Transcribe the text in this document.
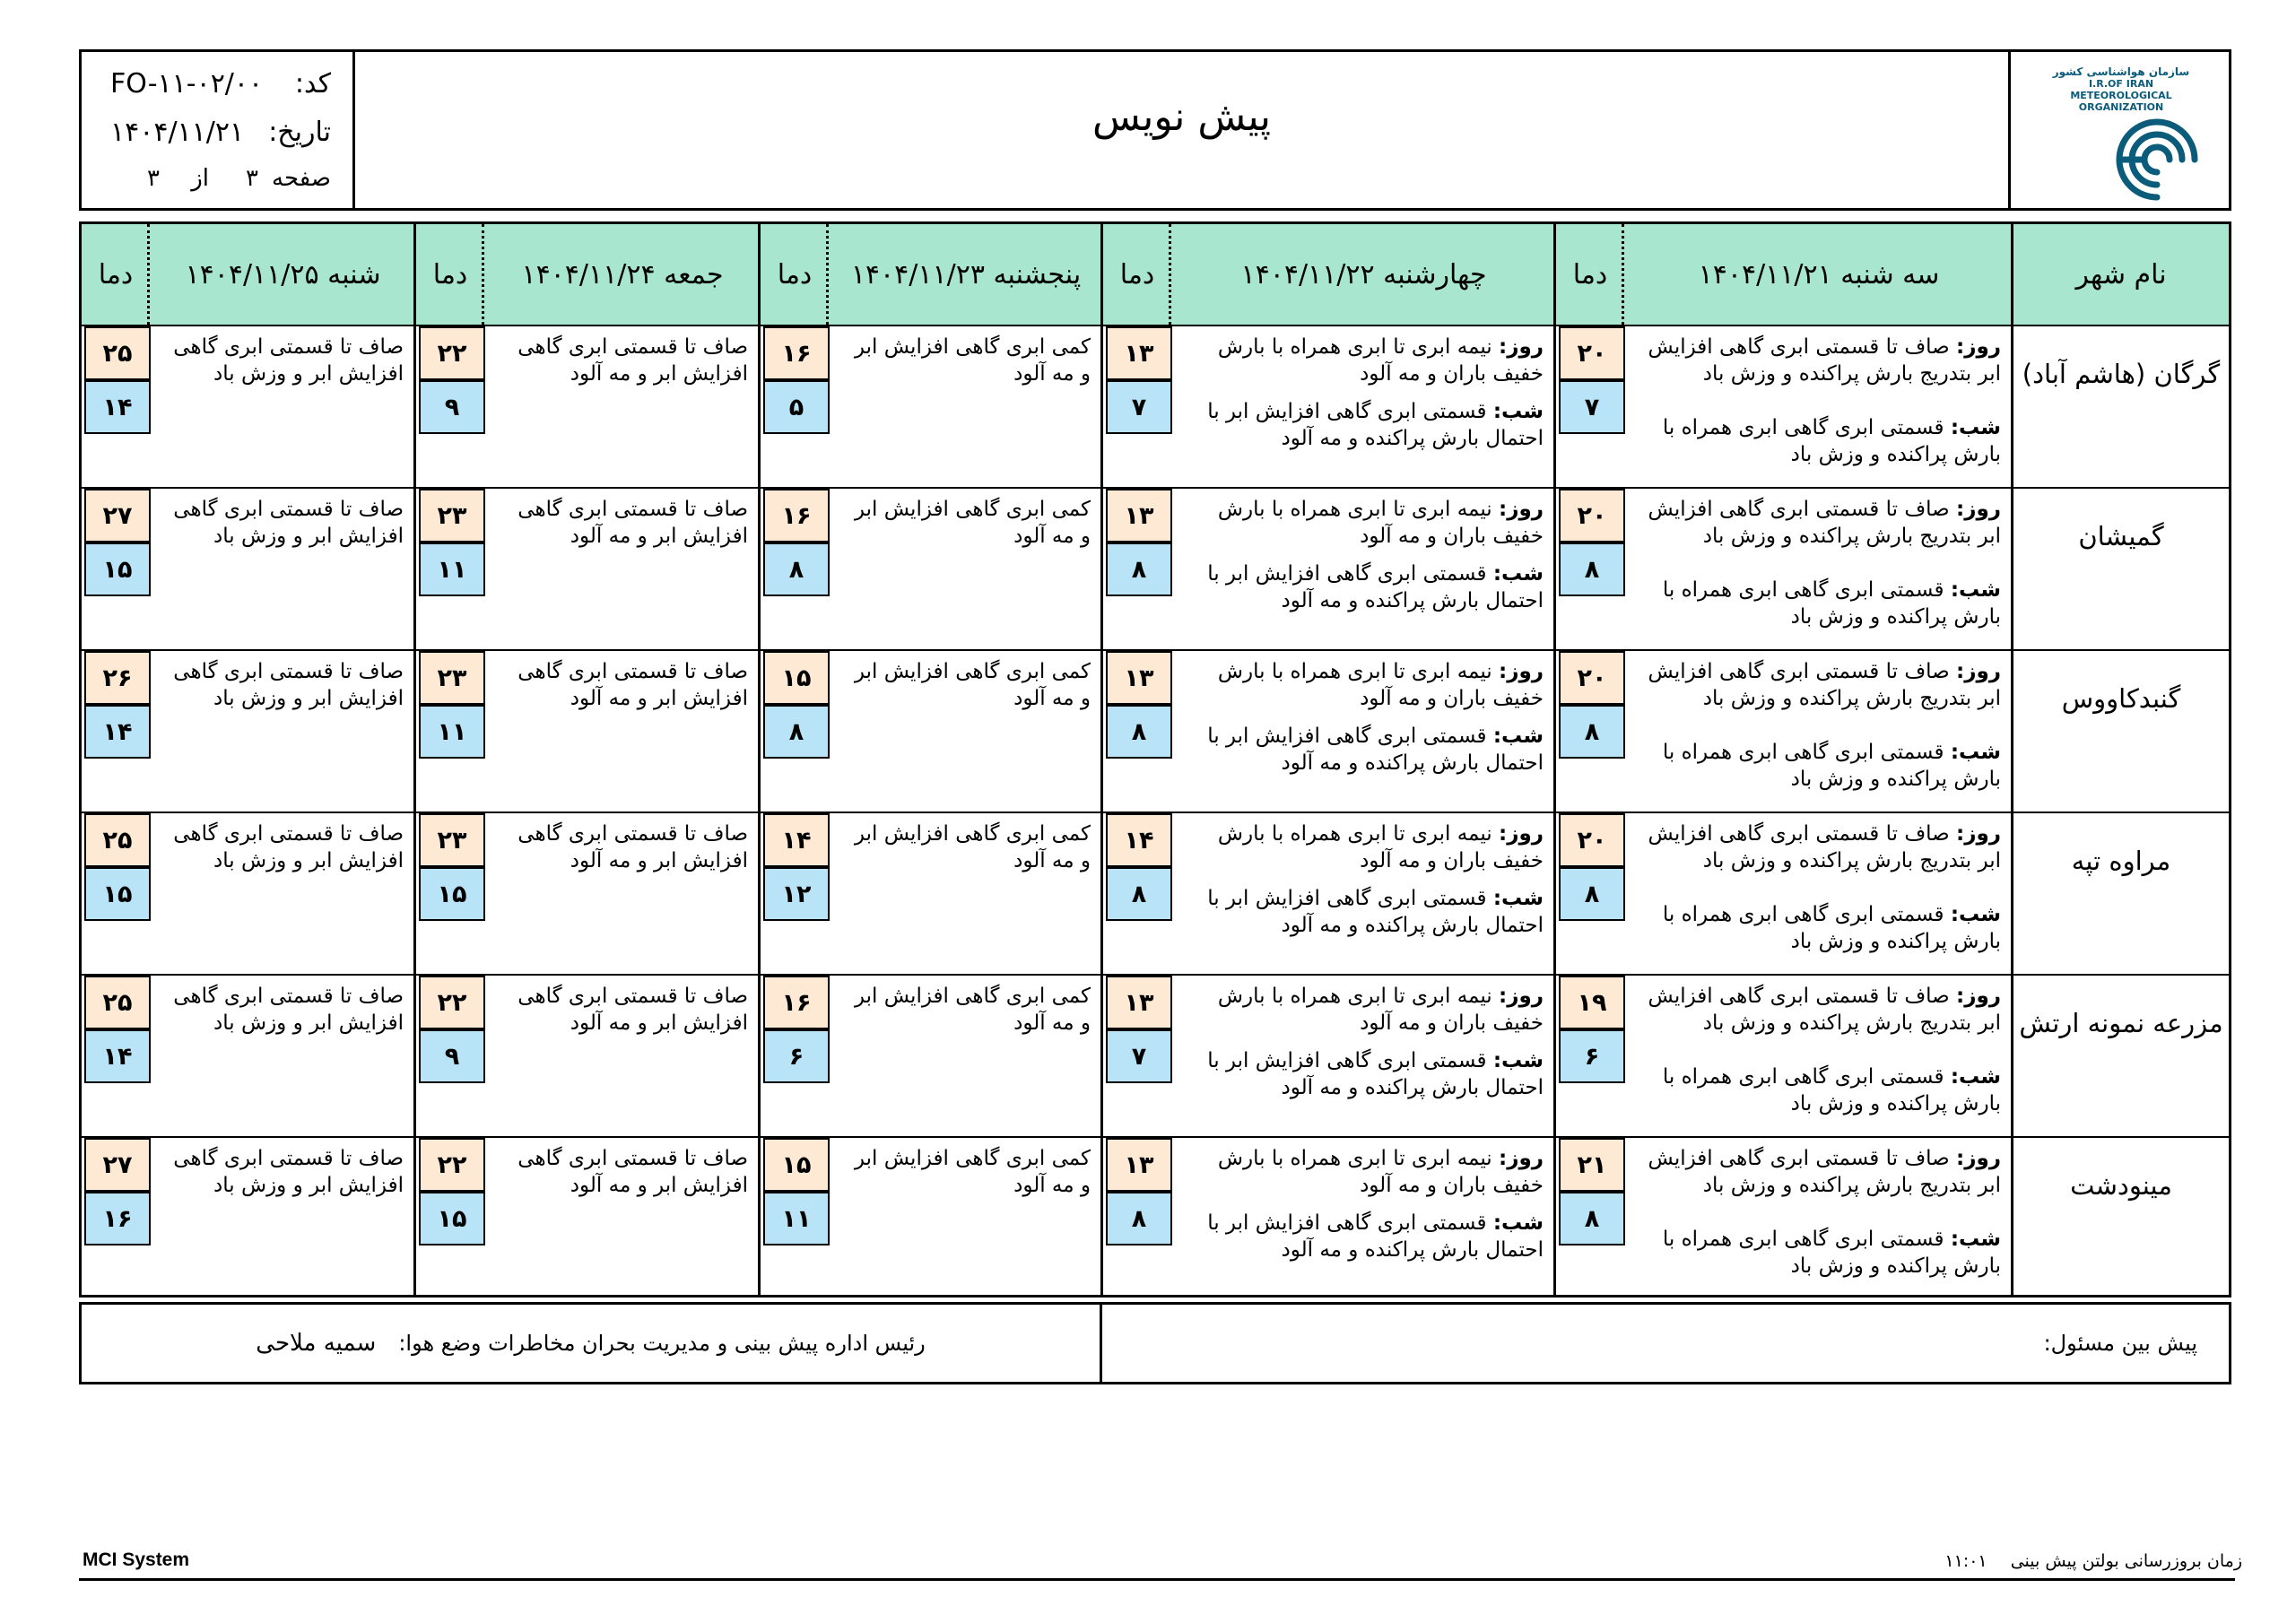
سازمان هواشناسی کشور
I.R.OF IRAN
METEOROLOGICAL
ORGANIZATION
پیش نویس
کد:
FO-۱۱-۰۲/۰۰
تاریخ:
۱۴۰۴/۱۱/۲۱
صفحه
۳
از
۳
نام شهر
سه شنبه ۱۴۰۴/۱۱/۲۱
دما
چهارشنبه ۱۴۰۴/۱۱/۲۲
دما
پنجشنبه ۱۴۰۴/۱۱/۲۳
دما
جمعه ۱۴۰۴/۱۱/۲۴
دما
شنبه ۱۴۰۴/۱۱/۲۵
دما
گرگان (هاشم آباد)
روز: صاف تا قسمتی ابری گاهی افزایش ابر بتدریج بارش پراکنده و وزش باد
شب: قسمتی ابری گاهی ابری همراه با بارش پراکنده و وزش باد
۲۰
۷
روز: نیمه ابری تا ابری همراه با بارش خفیف باران و مه آلود
شب: قسمتی ابری گاهی افزایش ابر با احتمال بارش پراکنده و مه آلود
۱۳
۷
کمی ابری گاهی افزایش ابر و مه آلود
۱۶
۵
صاف تا قسمتی ابری گاهی افزایش ابر و مه آلود
۲۲
۹
صاف تا قسمتی ابری گاهی افزایش ابر و وزش باد
۲۵
۱۴
گمیشان
روز: صاف تا قسمتی ابری گاهی افزایش ابر بتدریج بارش پراکنده و وزش باد
شب: قسمتی ابری گاهی ابری همراه با بارش پراکنده و وزش باد
۲۰
۸
روز: نیمه ابری تا ابری همراه با بارش خفیف باران و مه آلود
شب: قسمتی ابری گاهی افزایش ابر با احتمال بارش پراکنده و مه آلود
۱۳
۸
کمی ابری گاهی افزایش ابر و مه آلود
۱۶
۸
صاف تا قسمتی ابری گاهی افزایش ابر و مه آلود
۲۳
۱۱
صاف تا قسمتی ابری گاهی افزایش ابر و وزش باد
۲۷
۱۵
گنبدکاووس
روز: صاف تا قسمتی ابری گاهی افزایش ابر بتدریج بارش پراکنده و وزش باد
شب: قسمتی ابری گاهی ابری همراه با بارش پراکنده و وزش باد
۲۰
۸
روز: نیمه ابری تا ابری همراه با بارش خفیف باران و مه آلود
شب: قسمتی ابری گاهی افزایش ابر با احتمال بارش پراکنده و مه آلود
۱۳
۸
کمی ابری گاهی افزایش ابر و مه آلود
۱۵
۸
صاف تا قسمتی ابری گاهی افزایش ابر و مه آلود
۲۳
۱۱
صاف تا قسمتی ابری گاهی افزایش ابر و وزش باد
۲۶
۱۴
مراوه تپه
روز: صاف تا قسمتی ابری گاهی افزایش ابر بتدریج بارش پراکنده و وزش باد
شب: قسمتی ابری گاهی ابری همراه با بارش پراکنده و وزش باد
۲۰
۸
روز: نیمه ابری تا ابری همراه با بارش خفیف باران و مه آلود
شب: قسمتی ابری گاهی افزایش ابر با احتمال بارش پراکنده و مه آلود
۱۴
۸
کمی ابری گاهی افزایش ابر و مه آلود
۱۴
۱۲
صاف تا قسمتی ابری گاهی افزایش ابر و مه آلود
۲۳
۱۵
صاف تا قسمتی ابری گاهی افزایش ابر و وزش باد
۲۵
۱۵
مزرعه نمونه ارتش
روز: صاف تا قسمتی ابری گاهی افزایش ابر بتدریج بارش پراکنده و وزش باد
شب: قسمتی ابری گاهی ابری همراه با بارش پراکنده و وزش باد
۱۹
۶
روز: نیمه ابری تا ابری همراه با بارش خفیف باران و مه آلود
شب: قسمتی ابری گاهی افزایش ابر با احتمال بارش پراکنده و مه آلود
۱۳
۷
کمی ابری گاهی افزایش ابر و مه آلود
۱۶
۶
صاف تا قسمتی ابری گاهی افزایش ابر و مه آلود
۲۲
۹
صاف تا قسمتی ابری گاهی افزایش ابر و وزش باد
۲۵
۱۴
مینودشت
روز: صاف تا قسمتی ابری گاهی افزایش ابر بتدریج بارش پراکنده و وزش باد
شب: قسمتی ابری گاهی ابری همراه با بارش پراکنده و وزش باد
۲۱
۸
روز: نیمه ابری تا ابری همراه با بارش خفیف باران و مه آلود
شب: قسمتی ابری گاهی افزایش ابر با احتمال بارش پراکنده و مه آلود
۱۳
۸
کمی ابری گاهی افزایش ابر و مه آلود
۱۵
۱۱
صاف تا قسمتی ابری گاهی افزایش ابر و مه آلود
۲۲
۱۵
صاف تا قسمتی ابری گاهی افزایش ابر و وزش باد
۲۷
۱۶
پیش بین مسئول:
رئیس اداره پیش بینی و مدیریت بحران مخاطرات وضع هوا:
سمیه ملاحی
MCI System	زمان بروزرسانی بولتن پیش بینی ۱۱:۰۱
